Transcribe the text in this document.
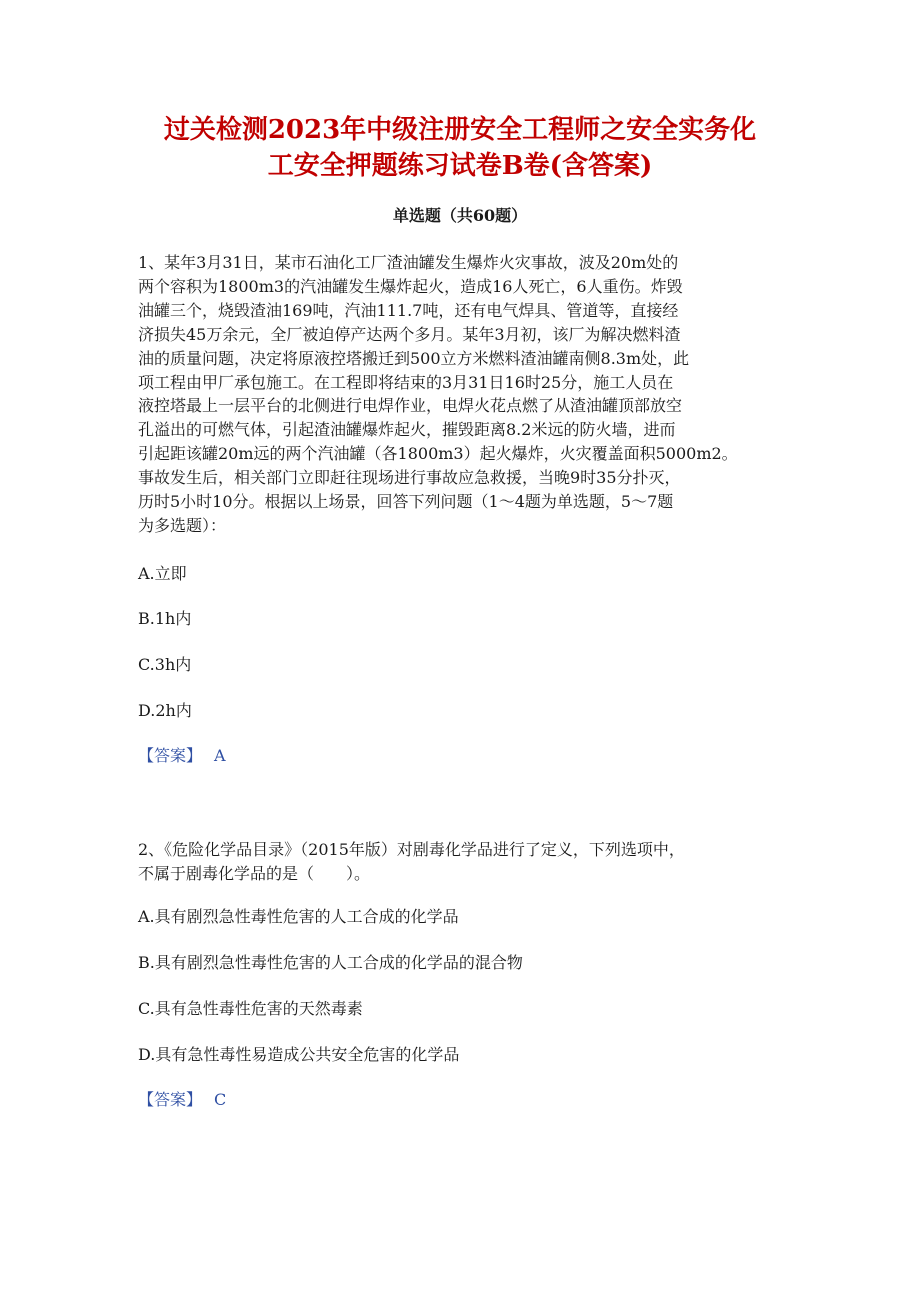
过关检测2023年中级注册安全工程师之安全实务化
工安全押题练习试卷B卷(含答案)

单选题（共60题）

1、某年3月31日，某市石油化工厂渣油罐发生爆炸火灾事故，波及20m处的
两个容积为1800m3的汽油罐发生爆炸起火，造成16人死亡，6人重伤。炸毁
油罐三个，烧毁渣油169吨，汽油111.7吨，还有电气焊具、管道等，直接经
济损失45万余元，全厂被迫停产达两个多月。某年3月初，该厂为解决燃料渣
油的质量问题，决定将原液控塔搬迁到500立方米燃料渣油罐南侧8.3m处，此
项工程由甲厂承包施工。在工程即将结束的3月31日16时25分，施工人员在
液控塔最上一层平台的北侧进行电焊作业，电焊火花点燃了从渣油罐顶部放空
孔溢出的可燃气体，引起渣油罐爆炸起火，摧毁距离8.2米远的防火墙，进而
引起距该罐20m远的两个汽油罐（各1800m3）起火爆炸，火灾覆盖面积5000m2。
事故发生后，相关部门立即赶往现场进行事故应急救援，当晚9时35分扑灭，
历时5小时10分。根据以上场景，回答下列问题（1～4题为单选题，5～7题
为多选题）：

A.立即

B.1h内

C.3h内

D.2h内

【答案】 A

2、《危险化学品目录》（2015年版）对剧毒化学品进行了定义，下列选项中，
不属于剧毒化学品的是（　　）。

A.具有剧烈急性毒性危害的人工合成的化学品

B.具有剧烈急性毒性危害的人工合成的化学品的混合物

C.具有急性毒性危害的天然毒素

D.具有急性毒性易造成公共安全危害的化学品

【答案】 C
